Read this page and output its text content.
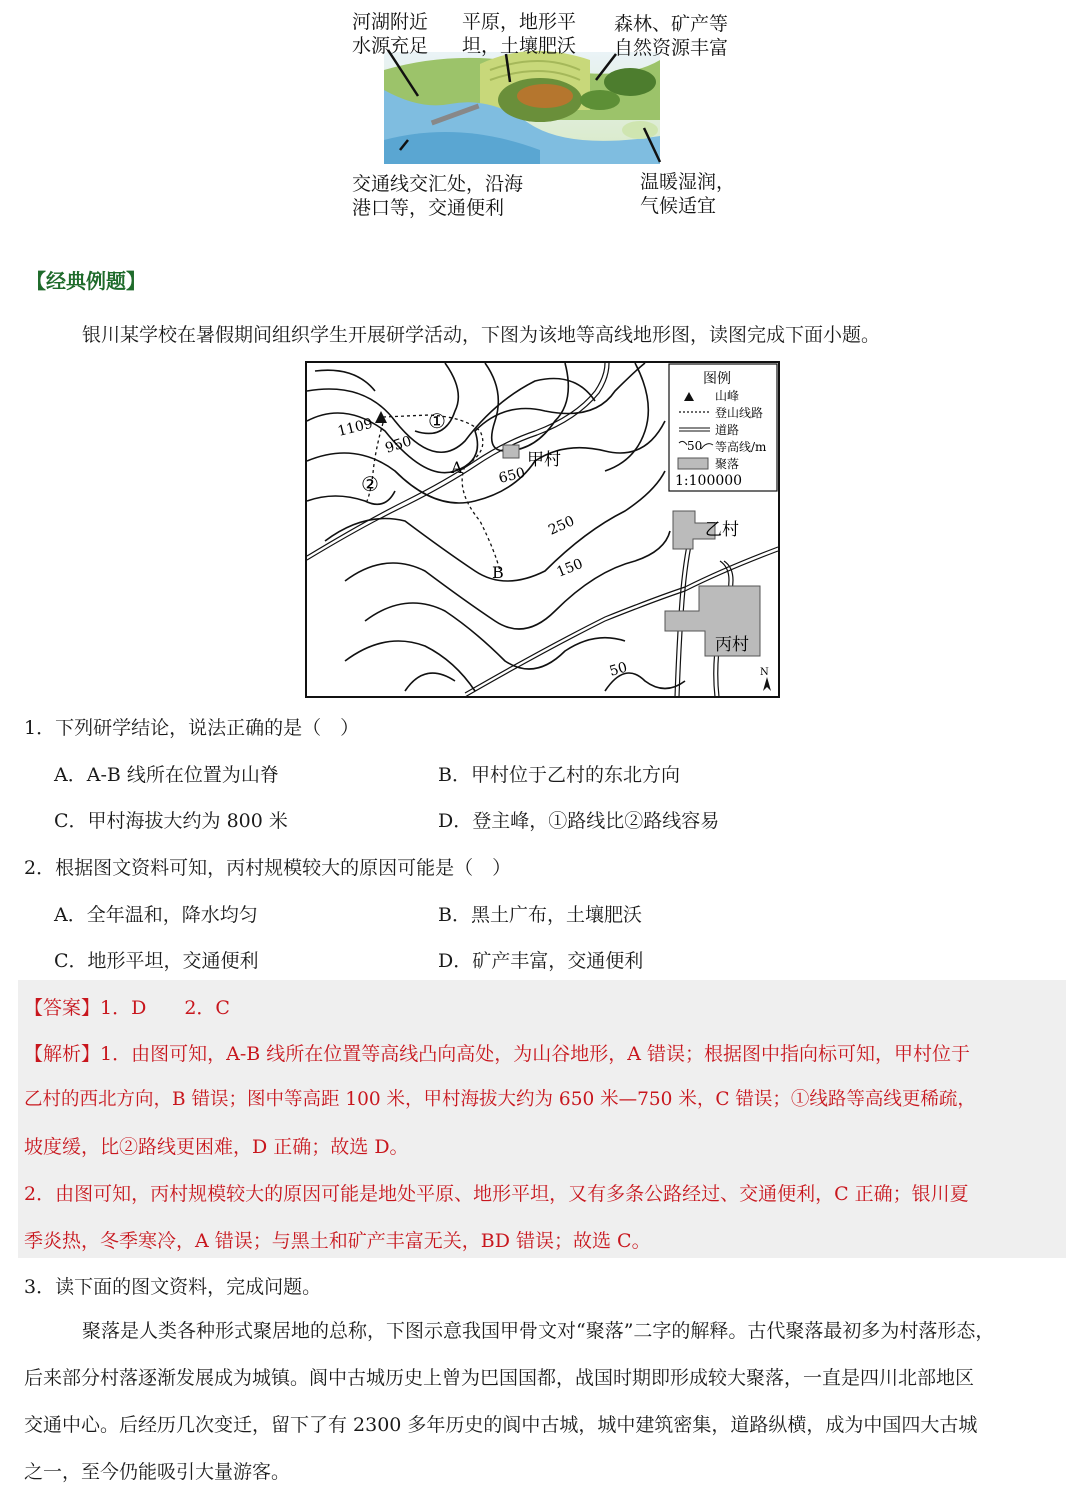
河湖附近
水源充足
平原，地形平
坦，土壤肥沃
森林、矿产等
自然资源丰富
交通线交汇处，沿海
港口等，交通便利
温暖湿润，
气候适宜
【经典例题】
银川某学校在暑假期间组织学生开展研学活动，下图为该地等高线地形图，读图完成下面小题。
图例
山峰
登山线路
道路
50 等高线/m
聚落
1:100000
1109
950
650
250
150
50
A
B
①
②
甲村
乙村
丙村
N
1．下列研学结论，说法正确的是（　）
A．A-B 线所在位置为山脊	B．甲村位于乙村的东北方向
C．甲村海拔大约为 800 米	D．登主峰，①路线比②路线容易
2．根据图文资料可知，丙村规模较大的原因可能是（　）
A．全年温和，降水均匀	B．黑土广布，土壤肥沃
C．地形平坦，交通便利	D．矿产丰富，交通便利
【答案】1．D　　2．C
【解析】1．由图可知，A-B 线所在位置等高线凸向高处，为山谷地形，A 错误；根据图中指向标可知，甲村位于
乙村的西北方向，B 错误；图中等高距 100 米，甲村海拔大约为 650 米—750 米，C 错误；①线路等高线更稀疏，
坡度缓，比②路线更困难，D 正确；故选 D。
2．由图可知，丙村规模较大的原因可能是地处平原、地形平坦，又有多条公路经过、交通便利，C 正确；银川夏
季炎热，冬季寒冷，A 错误；与黑土和矿产丰富无关，BD 错误；故选 C。
3．读下面的图文资料，完成问题。
聚落是人类各种形式聚居地的总称，下图示意我国甲骨文对“聚落”二字的解释。古代聚落最初多为村落形态，
后来部分村落逐渐发展成为城镇。阆中古城历史上曾为巴国国都，战国时期即形成较大聚落，一直是四川北部地区
交通中心。后经历几次变迁，留下了有 2300 多年历史的阆中古城，城中建筑密集，道路纵横，成为中国四大古城
之一，至今仍能吸引大量游客。
